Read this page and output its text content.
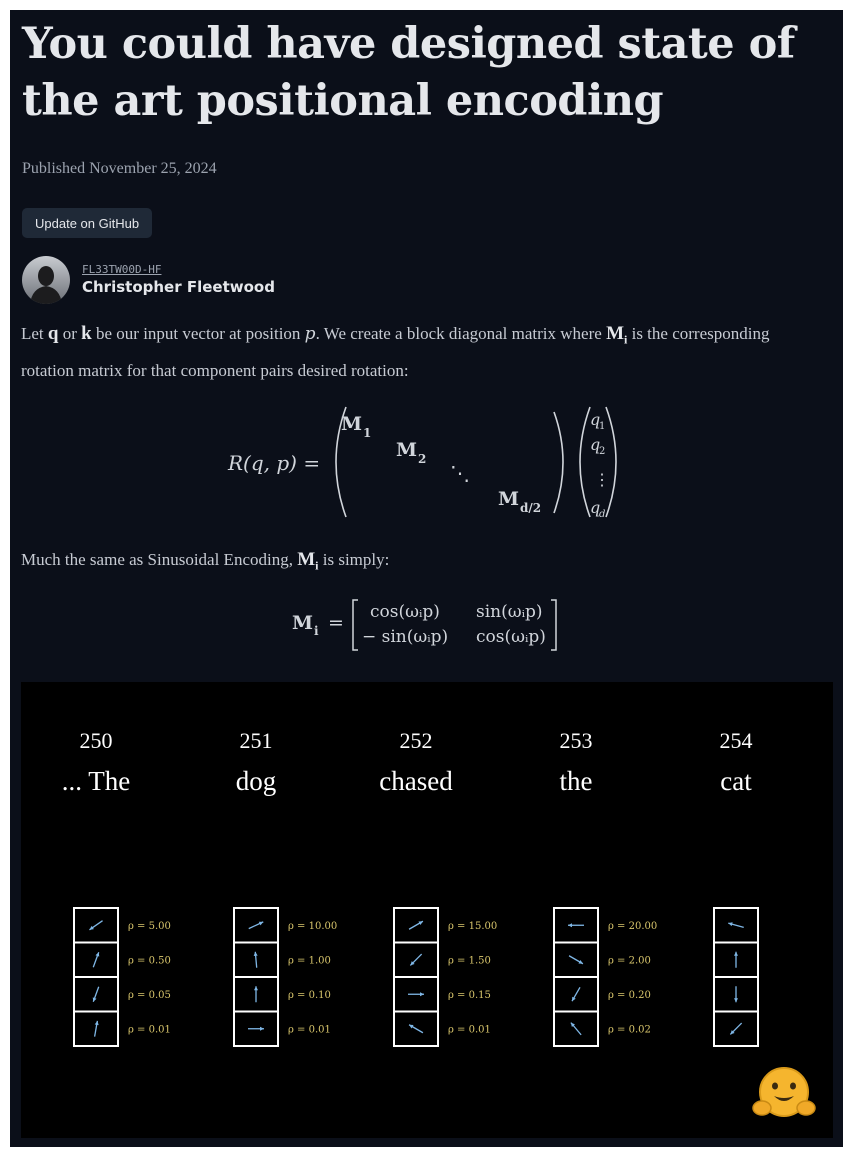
You could have designed state of the art positional encoding
Published November 25, 2024
Update on GitHub
FL33TW00D-HF
Christopher Fleetwood
Let q or k be our input vector at position p. We create a block diagonal matrix where $M_i$ is the corresponding rotation matrix for that component pairs desired rotation:
R(q, p) =
M 1
M 2
⋱
M d/2
q
1
q
2
⋮
q
d
Much the same as Sinusoidal Encoding, $M_i$ is simply:
M i = cos(ωᵢp) sin(ωᵢp)
− sin(ωᵢp) cos(ωᵢp)
250
... The
ρ = 5.00
ρ = 0.50
ρ = 0.05
ρ = 0.01
251
dog
ρ = 10.00
ρ = 1.00
ρ = 0.10
ρ = 0.01
252
chased
ρ = 15.00
ρ = 1.50
ρ = 0.15
ρ = 0.01
253
the
ρ = 20.00
ρ = 2.00
ρ = 0.20
ρ = 0.02
254
cat
